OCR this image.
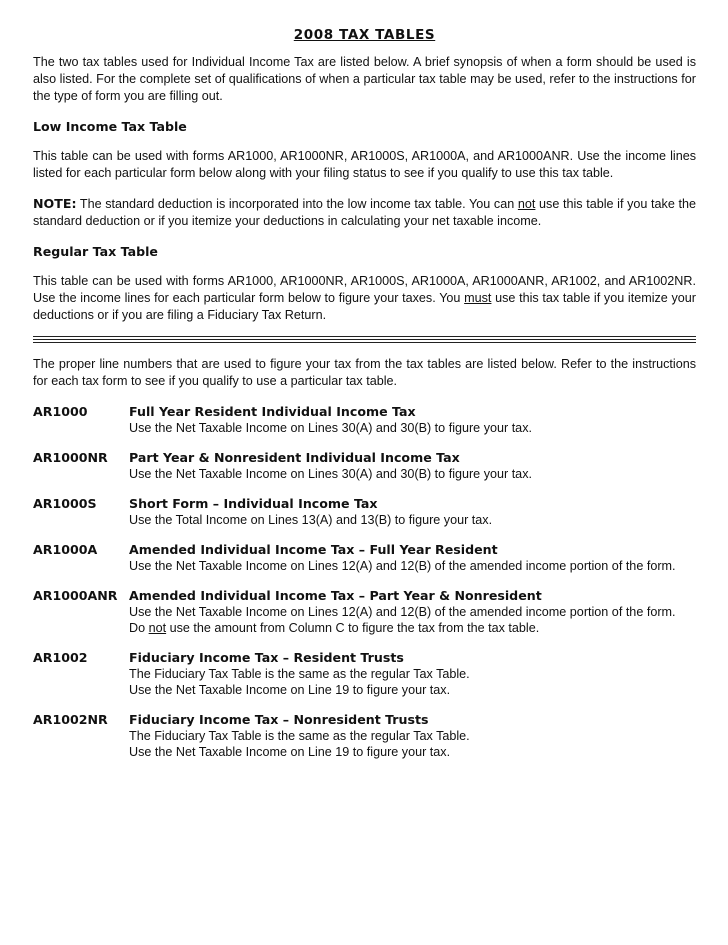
2008 TAX TABLES

The two tax tables used for Individual Income Tax are listed below. A brief synopsis of when a form should be used is also listed. For the complete set of qualifications of when a particular tax table may be used, refer to the instructions for the type of form you are filling out.

Low Income Tax Table

This table can be used with forms AR1000, AR1000NR, AR1000S, AR1000A, and AR1000ANR. Use the income lines listed for each particular form below along with your filing status to see if you qualify to use this tax table.

NOTE: The standard deduction is incorporated into the low income tax table. You can not use this table if you take the standard deduction or if you itemize your deductions in calculating your net taxable income.

Regular Tax Table

This table can be used with forms AR1000, AR1000NR, AR1000S, AR1000A, AR1000ANR, AR1002, and AR1002NR. Use the income lines for each particular form below to figure your taxes. You must use this tax table if you itemize your deductions or if you are filing a Fiduciary Tax Return.

The proper line numbers that are used to figure your tax from the tax tables are listed below. Refer to the instructions for each tax form to see if you qualify to use a particular tax table.

AR1000	Full Year Resident Individual Income Tax
Use the Net Taxable Income on Lines 30(A) and 30(B) to figure your tax.
AR1000NR	Part Year & Nonresident Individual Income Tax
Use the Net Taxable Income on Lines 30(A) and 30(B) to figure your tax.
AR1000S	Short Form – Individual Income Tax
Use the Total Income on Lines 13(A) and 13(B) to figure your tax.
AR1000A	Amended Individual Income Tax – Full Year Resident
Use the Net Taxable Income on Lines 12(A) and 12(B) of the amended income portion of the form.
AR1000ANR Amended Individual Income Tax – Part Year & Nonresident
Use the Net Taxable Income on Lines 12(A) and 12(B) of the amended income portion of the form.
Do not use the amount from Column C to figure the tax from the tax table.
AR1002	Fiduciary Income Tax – Resident Trusts
The Fiduciary Tax Table is the same as the regular Tax Table.
Use the Net Taxable Income on Line 19 to figure your tax.
AR1002NR	Fiduciary Income Tax – Nonresident Trusts
The Fiduciary Tax Table is the same as the regular Tax Table.
Use the Net Taxable Income on Line 19 to figure your tax.
